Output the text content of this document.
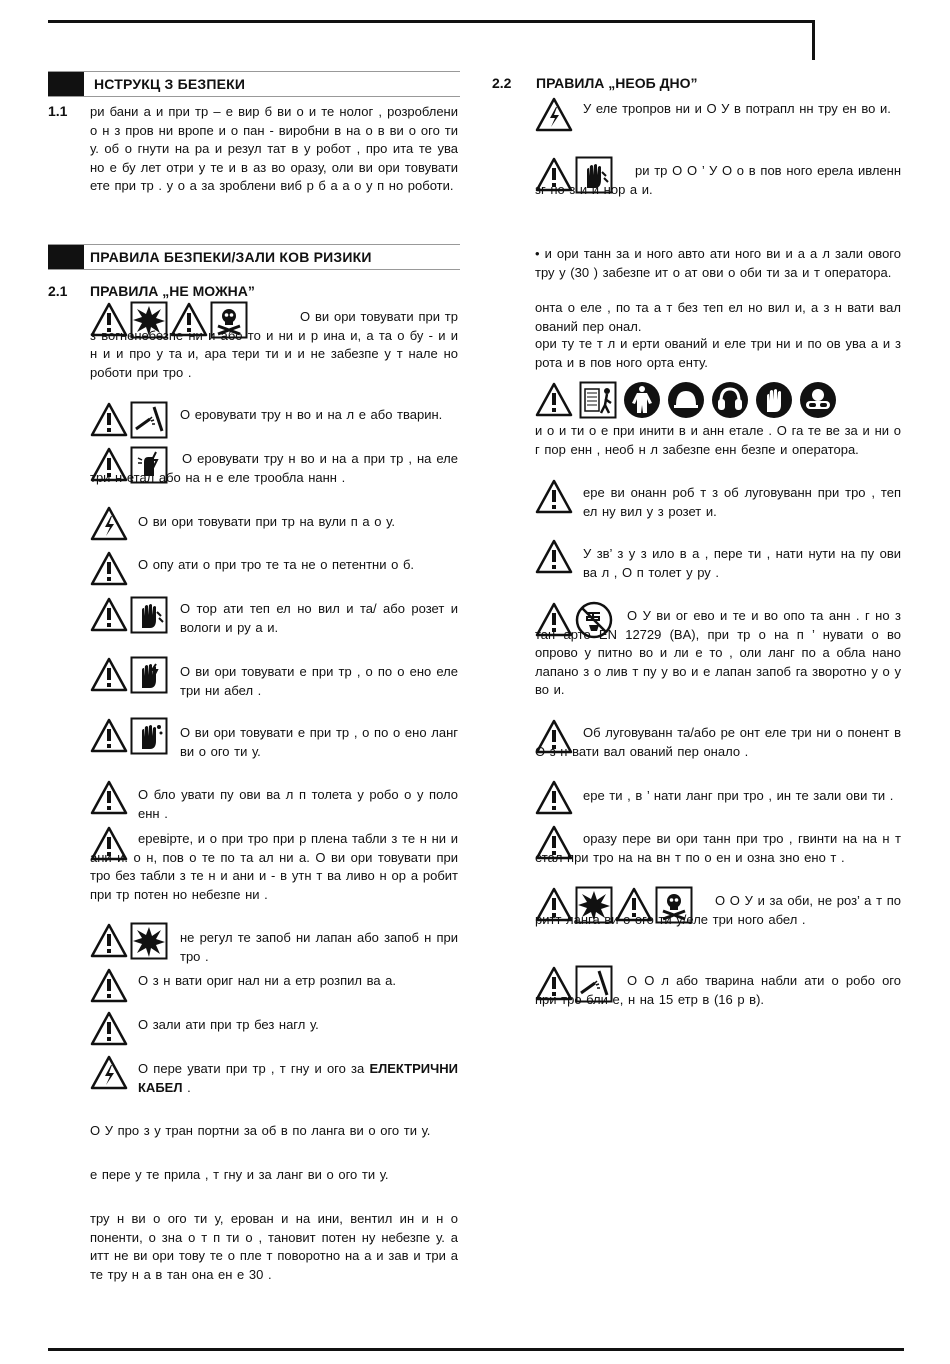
НСТРУКЦ З БЕЗПЕКИ
1.1 ри бани а и при тр – е вир б ви о и те нолог , розроблени о н з пров ни вропе и о пан - виробни в на о в ви о ого ти у. об о гнути на ра и резул тат в у робот , про ита те ува но е бу лет отри у те и в аз во оразу, оли ви ори товувати ете при тр . у о а за зроблени виб р б а а о у п но роботи.
ПРАВИЛА БЕЗПЕКИ/ЗАЛИ КОВ РИЗИКИ
2.1 ПРАВИЛА „НЕ МОЖНА”
О ви ори товувати при тр з вогненебезпе ни и або то и ни и р ина и, а та о бу - и и н и и про у та и, ара тери ти и и не забезпе у т нале но роботи при тро .
О еровувати тру н во и на л е або тварин.
О еровувати тру н во и на а при тр , на еле три н етал або на н е еле трообла нанн .
О ви ори товувати при тр на вули п а о у.
О опу ати о при тро те та не о петентни о б.
О тор ати теп ел но вил и та/ або розет и вологи и ру а и.
О ви ори товувати е при тр , о по о ено еле три ни абел .
О ви ори товувати е при тр , о по о ено ланг ви о ого ти у.
О бло увати пу ови ва л п толета у робо о у поло енн .
еревірте, и о при тро при р плена табли з те н ни и ани и. о н, пов о те по та ал ни а. О ви ори товувати при тро без табли з те н и ани и - в утн т ва ливо н ор а робит при тр потен но небезпе ни .
не регул те запоб ни лапан або запоб н при тро .
О з н вати ориг нал ни а етр розпил ва а.
О зали ати при тр без нагл у.
О пере увати при тр , т гну и ого за ЕЛЕКТРИЧНИ КАБЕЛ .
О У про з у тран портни за об в по ланга ви о ого ти у.
е пере у те прила , т гну и за ланг ви о ого ти у.
тру н ви о ого ти у, ерован и на ини, вентил ин и н о поненти, о зна о т п ти о , тановит потен ну небезпе у. а итт не ви ори тову те о пле т поворотно на а и зав и три а те тру н а в тан она ен е 30 .
2.2 ПРАВИЛА „НЕОБ ДНО”
У еле тропров ни и О У в потрапл нн тру ен во и.
ри тр О О ’ У О о в пов ного ерела ивленн зг но з и и нор а и.
• и ори танн за и ного авто ати ного ви и а а л зали ового тру у (30 ) забезпе ит о ат ови о оби ти за и т оператора.
онта о еле , по та а т без теп ел но вил и, а з н вати вал ований пер онал.
ори ту те т л и ерти ований и еле три ни и по ов ува а и з рота и в пов ного орта енту.
и о и ти о е при инити в и анн етале . О га те ве за и ни о г пор енн , необ н л забезпе енн безпе и оператора.
ере ви онанн роб т з об луговуванн при тро , теп ел ну вил у з розет и.
У зв’ з у з ило в а , пере ти , нати нути на пу ови ва л , О п толет у ру .
О У ви ог ево и те и во опо та анн . г но з тан арто EN 12729 (BA), при тр о на п ’ нувати о во опрово у питно во и ли е то , оли ланг по а обла нано лапано з о лив т пу у во и е лапан запоб га зворотно у о у во и.
Об луговуванн та/або ре онт еле три ни о понент в О з н вати вал ований пер онало .
ере ти , в ’ нати ланг при тро , ин те зали ови ти .
оразу пере ви ори танн при тро , гвинти на на н т етал при тро на на вн т по о ен и озна зно ено т .
О О У и за оби, не роз’ а т по ритт ланга ви о ого ти у/еле три ного абел .
О О л або тварина набли ати о робо ого при тро бли е, н на 15 етр в (16 р в).
